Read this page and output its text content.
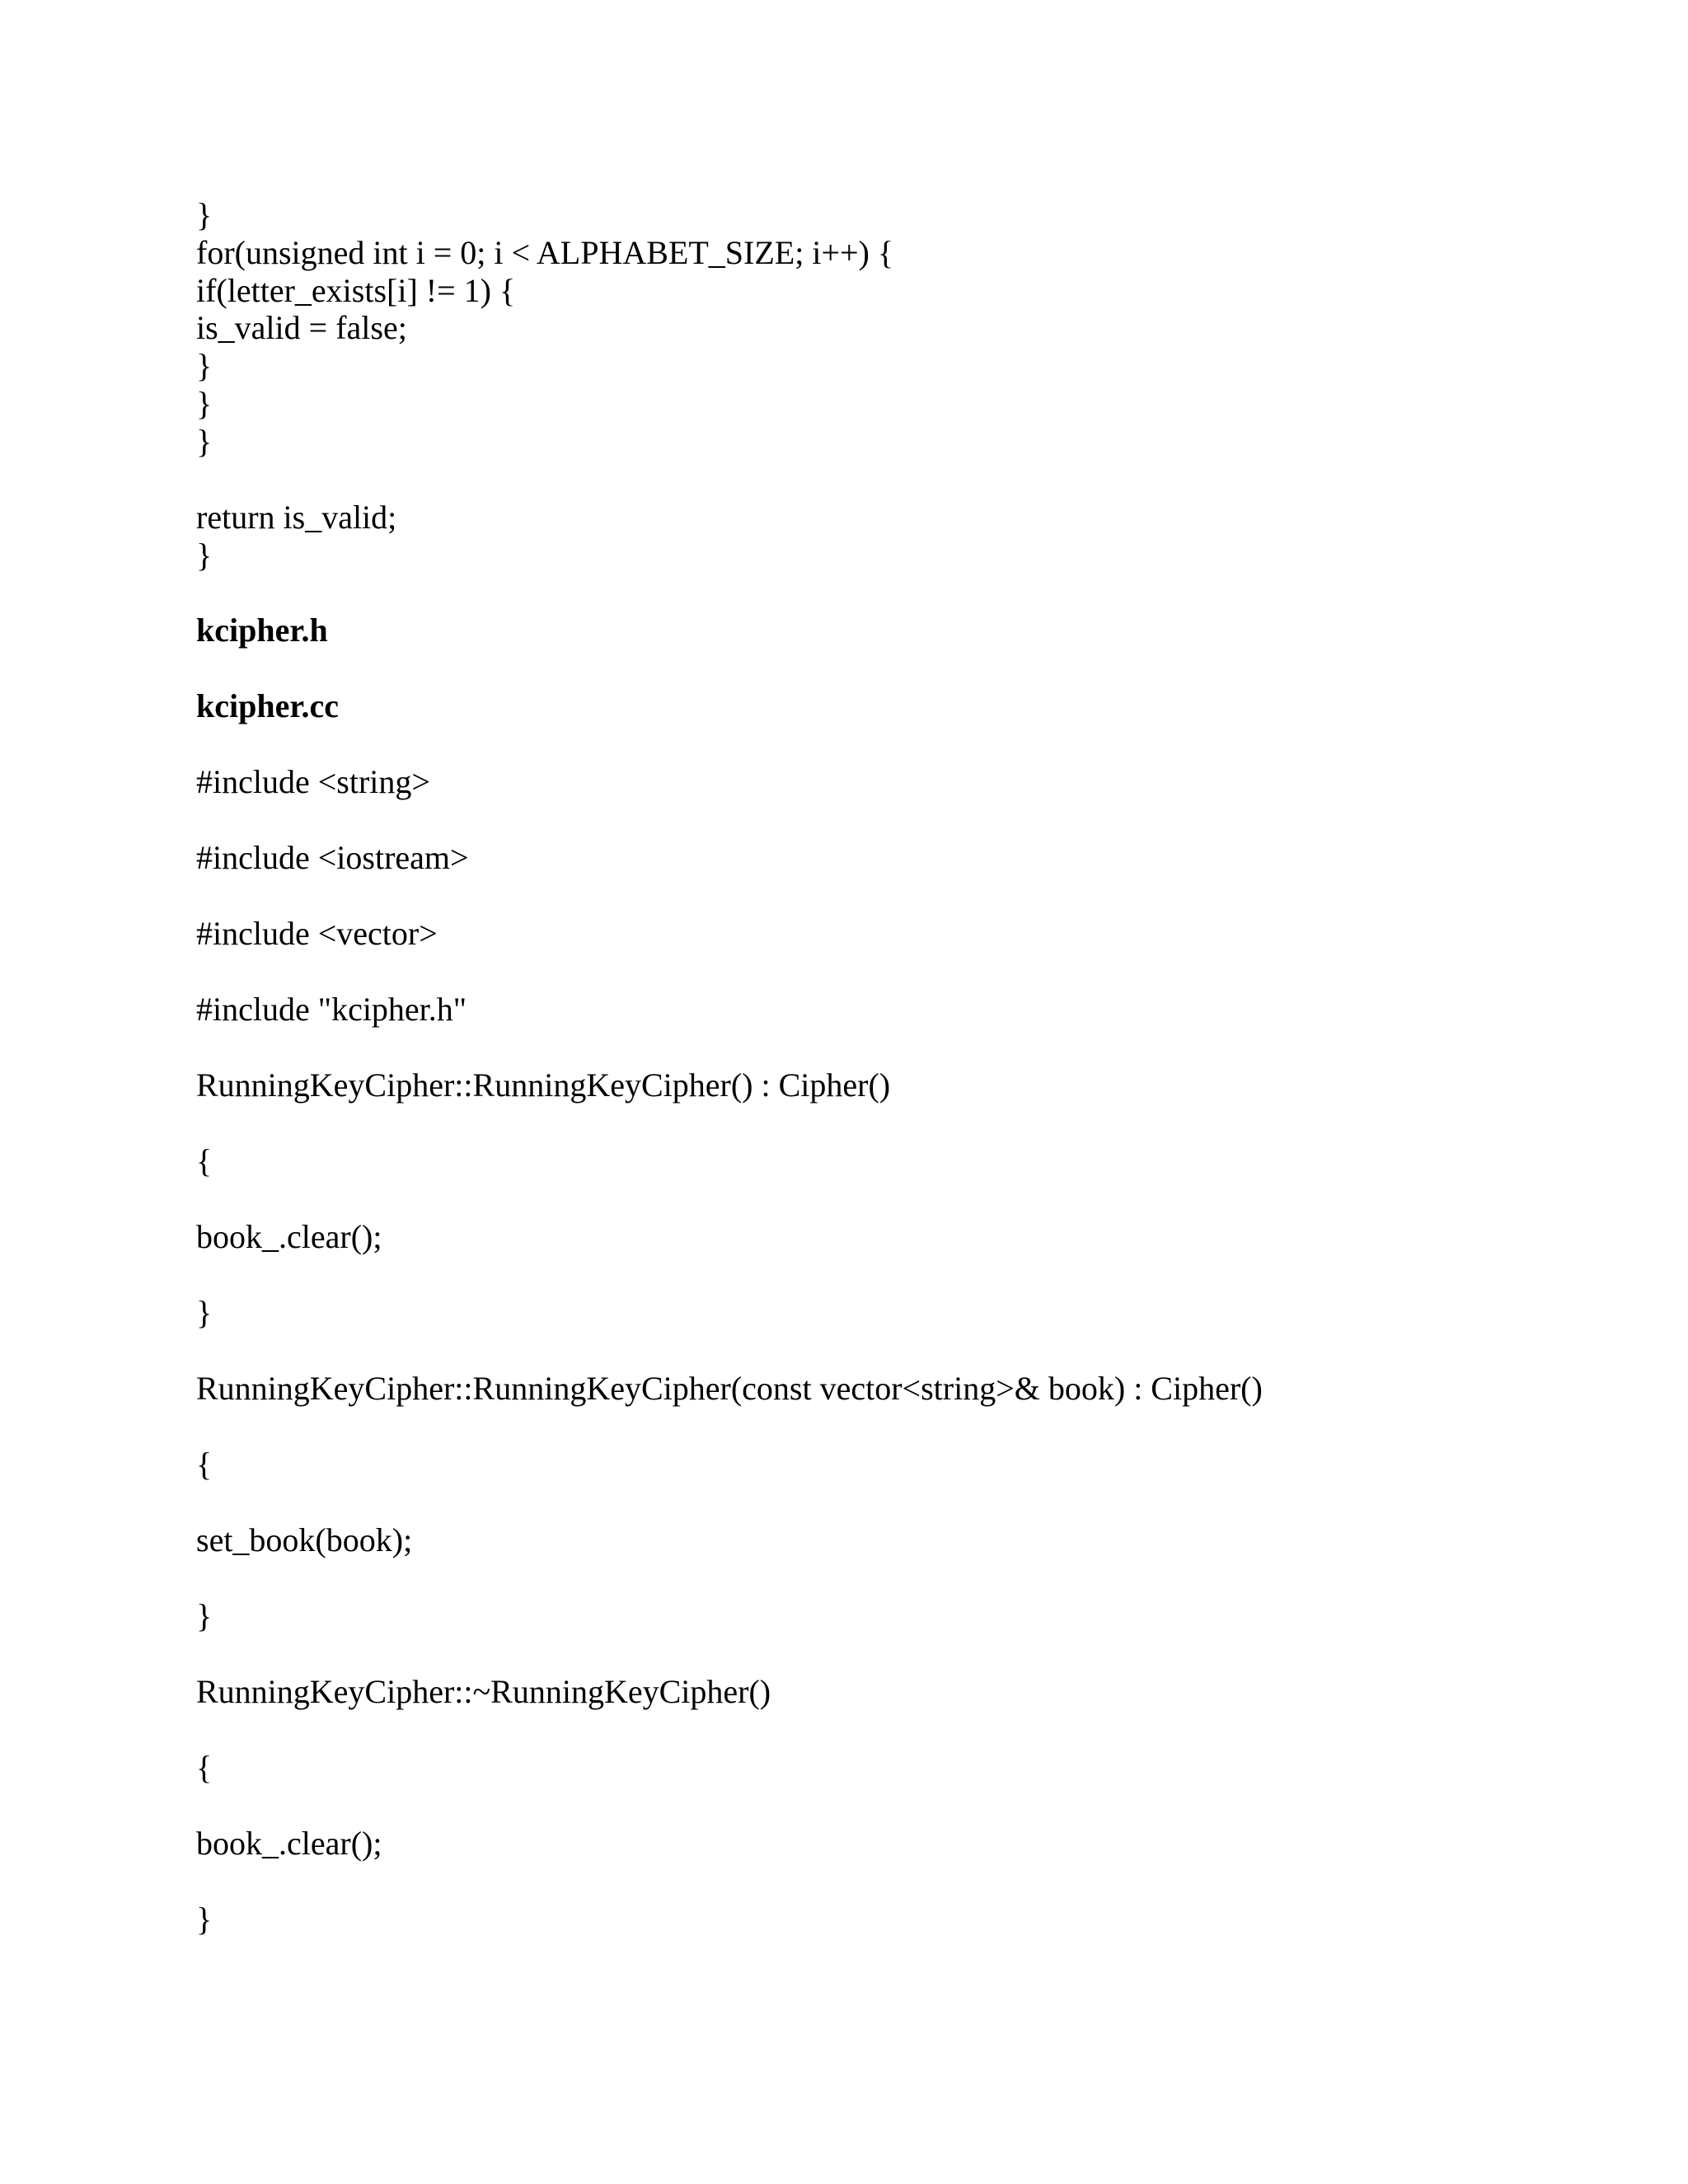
}
for(unsigned int i = 0; i < ALPHABET_SIZE; i++) {
if(letter_exists[i] != 1) {
is_valid = false;
}
}
}
return is_valid;
}
kcipher.h
kcipher.cc
#include <string>
#include <iostream>
#include <vector>
#include "kcipher.h"
RunningKeyCipher::RunningKeyCipher() : Cipher()
{
book_.clear();
}
RunningKeyCipher::RunningKeyCipher(const vector<string>& book) : Cipher()
{
set_book(book);
}
RunningKeyCipher::~RunningKeyCipher()
{
book_.clear();
}
